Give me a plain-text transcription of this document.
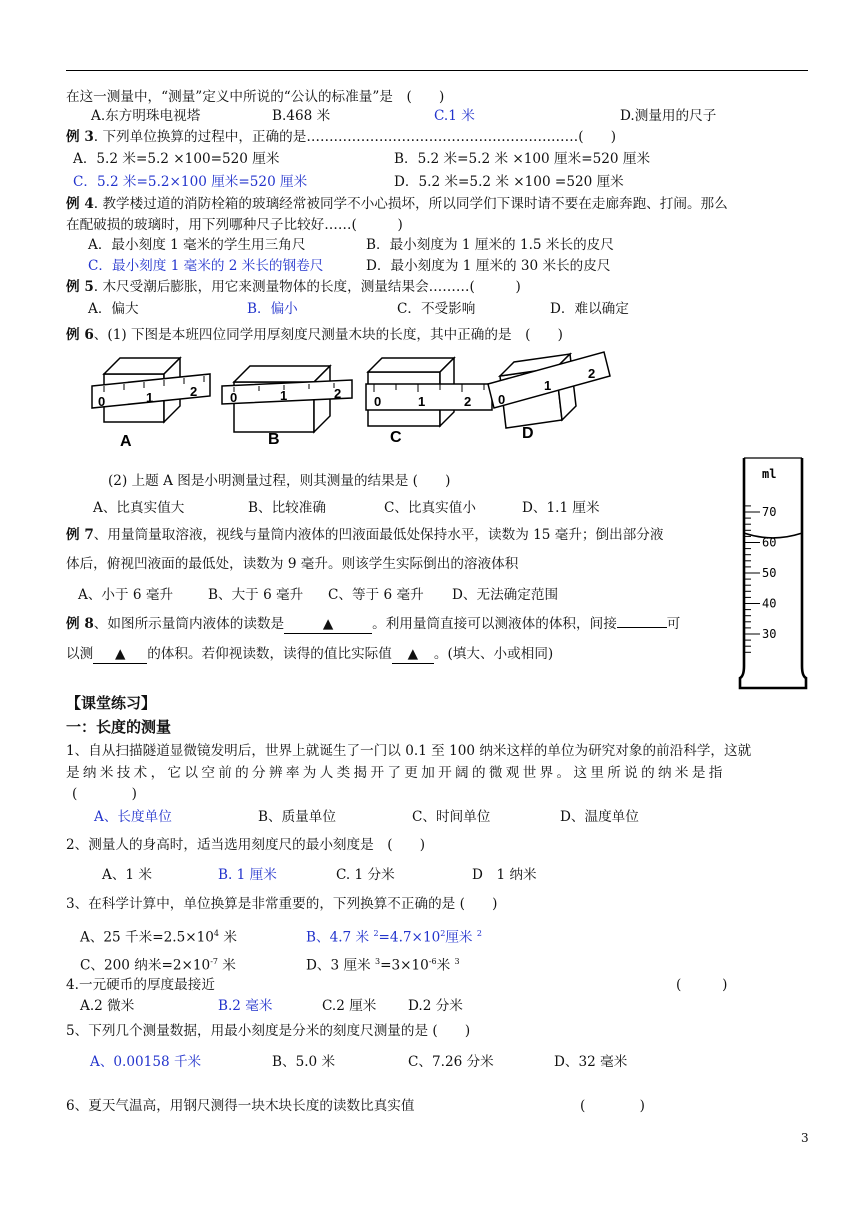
在这一测量中，“测量”定义中所说的“公认的标准量”是　(　　)
A.东方明珠电视塔	B.468 米	C.1 米	D.测量用的尺子
例 3. 下列单位换算的过程中，正确的是……………………………………………………(　　)
A．5.2 米=5.2 ×100=520 厘米	B．5.2 米=5.2 米 ×100 厘米=520 厘米
C．5.2 米=5.2×100 厘米=520 厘米	D．5.2 米=5.2 米 ×100 =520 厘米
例 4. 教学楼过道的消防栓箱的玻璃经常被同学不小心损坏，所以同学们下课时请不要在走廊奔跑、打闹。那么
在配破损的玻璃时，用下列哪种尺子比较好……(　　　)
A．最小刻度 1 毫米的学生用三角尺	B．最小刻度为 1 厘米的 1.5 米长的皮尺
C．最小刻度 1 毫米的 2 米长的钢卷尺	D．最小刻度为 1 厘米的 30 米长的皮尺
例 5. 木尺受潮后膨胀，用它来测量物体的长度，测量结果会………(　　　)
A．偏大	B．偏小	C．不受影响	D．难以确定
例 6、(1) 下图是本班四位同学用厚刻度尺测量木块的长度，其中正确的是　(　　)
0	1	2	0	1	2
0	1	2 0
1
2
A	B	C	D
(2) 上题 A 图是小明测量过程，则其测量的结果是 (　　)
A、比真实值大	B、比较准确	C、比真实值小	D、1.1 厘米
例 7、用量筒量取溶液，视线与量筒内液体的凹液面最低处保持水平，读数为 15 毫升；倒出部分液
体后，俯视凹液面的最低处，读数为 9 毫升。则该学生实际倒出的溶液体积
A、小于 6 毫升	B、大于 6 毫升 C、等于 6 毫升 D、无法确定范围
例 8、如图所示量筒内液体的读数是	▲	。利用量筒直接可以测液体的体积，间接	可
以测 ▲ 的体积。若仰视读数，读得的值比实际值 ▲ 。(填大、小或相同)
ml
70
60
50
40
30
【课堂练习】
一：长度的测量
1、自从扫描隧道显微镜发明后，世界上就诞生了一门以 0.1 至 100 纳米这样的单位为研究对象的前沿科学，这就
是 纳 米 技 术 ， 它 以 空 前 的 分 辨 率 为 人 类 揭 开 了 更 加 开 阔 的 微 观 世 界 。 这 里 所 说 的 纳 米 是 指
(　　　　)
A、长度单位	B、质量单位	C、时间单位	D、温度单位
2、测量人的身高时，适当选用刻度尺的最小刻度是　(　　)
A、1 米	B. 1 厘米	C. 1 分米	D　1 纳米
3、在科学计算中，单位换算是非常重要的，下列换算不正确的是 (　　)
A、25 千米$=2.5\times 10^4$ 米	B、4.7 米 $^2=4.7\times 10^2$厘米 $^2$
C、200 纳米$=2\times 10^{-7}$ 米	D、3 厘米 $^3=3\times 10^{-6}$米 $^3$
4.一元硬币的厚度最接近	(　　　)
A.2 微米	B.2 毫米	C.2 厘米 D.2 分米
5、下列几个测量数据，用最小刻度是分米的刻度尺测量的是 (　　)
A、0.00158 千米	B、5.0 米	C、7.26 分米	D、32 毫米
6、夏天气温高，用钢尺测得一块木块长度的读数比真实值	(　　　　)
3
